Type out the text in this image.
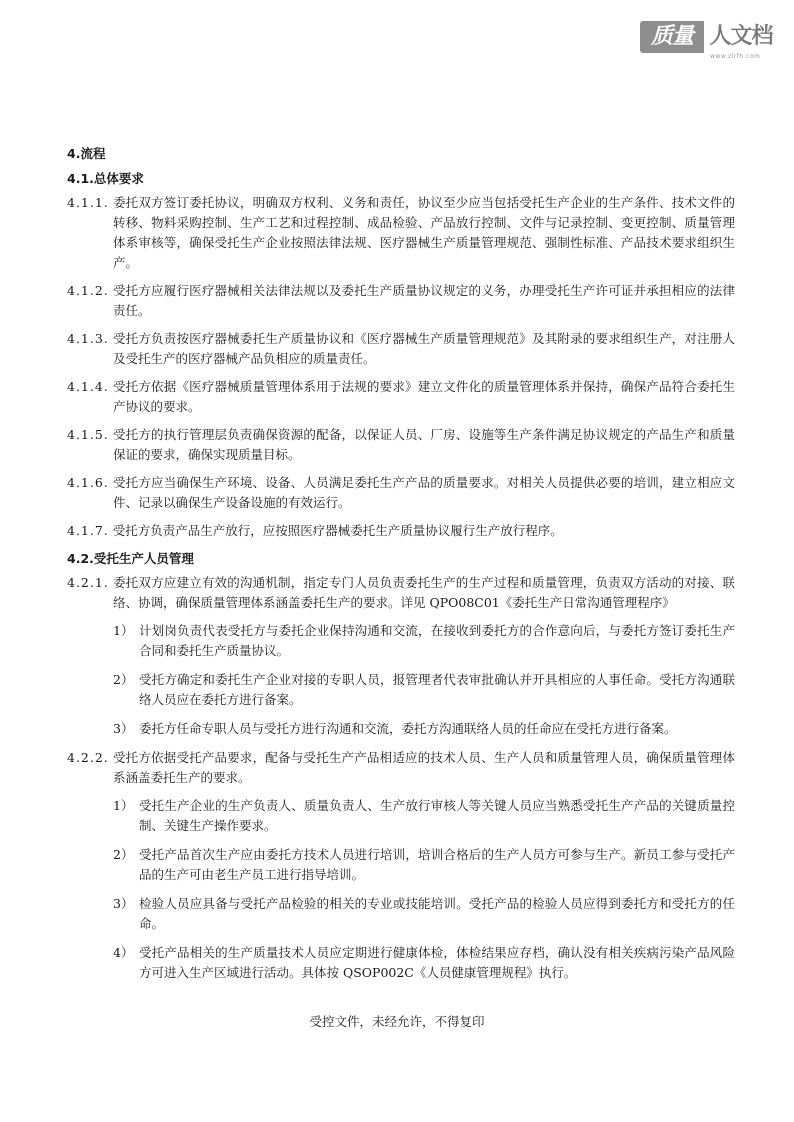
质量 人文档
www.zlrfh.com
4.流程
4.1.总体要求

4.1.1. 委托双方签订委托协议，明确双方权利、义务和责任，协议至少应当包括受托生产企业的生产条件、技术文件的转移、物料采购控制、生产工艺和过程控制、成品检验、产品放行控制、文件与记录控制、变更控制、质量管理体系审核等，确保受托生产企业按照法律法规、医疗器械生产质量管理规范、强制性标准、产品技术要求组织生产。

4.1.2. 受托方应履行医疗器械相关法律法规以及委托生产质量协议规定的义务，办理受托生产许可证并承担相应的法律责任。

4.1.3. 受托方负责按医疗器械委托生产质量协议和《医疗器械生产质量管理规范》及其附录的要求组织生产，对注册人及受托生产的医疗器械产品负相应的质量责任。

4.1.4. 受托方依据《医疗器械质量管理体系用于法规的要求》建立文件化的质量管理体系并保持，确保产品符合委托生产协议的要求。

4.1.5. 受托方的执行管理层负责确保资源的配备，以保证人员、厂房、设施等生产条件满足协议规定的产品生产和质量保证的要求，确保实现质量目标。

4.1.6. 受托方应当确保生产环境、设备、人员满足委托生产产品的质量要求。对相关人员提供必要的培训，建立相应文件、记录以确保生产设备设施的有效运行。

4.1.7. 受托方负责产品生产放行，应按照医疗器械委托生产质量协议履行生产放行程序。

4.2.受托生产人员管理

4.2.1. 委托双方应建立有效的沟通机制，指定专门人员负责委托生产的生产过程和质量管理，负责双方活动的对接、联络、协调，确保质量管理体系涵盖委托生产的要求。详见 QPO08C01《委托生产日常沟通管理程序》

1） 计划岗负责代表受托方与委托企业保持沟通和交流，在接收到委托方的合作意向后，与委托方签订委托生产合同和委托生产质量协议。
2） 受托方确定和委托生产企业对接的专职人员，报管理者代表审批确认并开具相应的人事任命。受托方沟通联络人员应在委托方进行备案。
3） 委托方任命专职人员与受托方进行沟通和交流，委托方沟通联络人员的任命应在受托方进行备案。

4.2.2. 受托方依据受托产品要求，配备与受托生产产品相适应的技术人员、生产人员和质量管理人员，确保质量管理体系涵盖委托生产的要求。

1） 受托生产企业的生产负责人、质量负责人、生产放行审核人等关键人员应当熟悉受托生产产品的关键质量控制、关键生产操作要求。
2） 受托产品首次生产应由委托方技术人员进行培训，培训合格后的生产人员方可参与生产。新员工参与受托产品的生产可由老生产员工进行指导培训。
3） 检验人员应具备与受托产品检验的相关的专业或技能培训。受托产品的检验人员应得到委托方和受托方的任命。
4） 受托产品相关的生产质量技术人员应定期进行健康体检，体检结果应存档，确认没有相关疾病污染产品风险方可进入生产区域进行活动。具体按 QSOP002C《人员健康管理规程》执行。
受控文件，未经允许，不得复印
